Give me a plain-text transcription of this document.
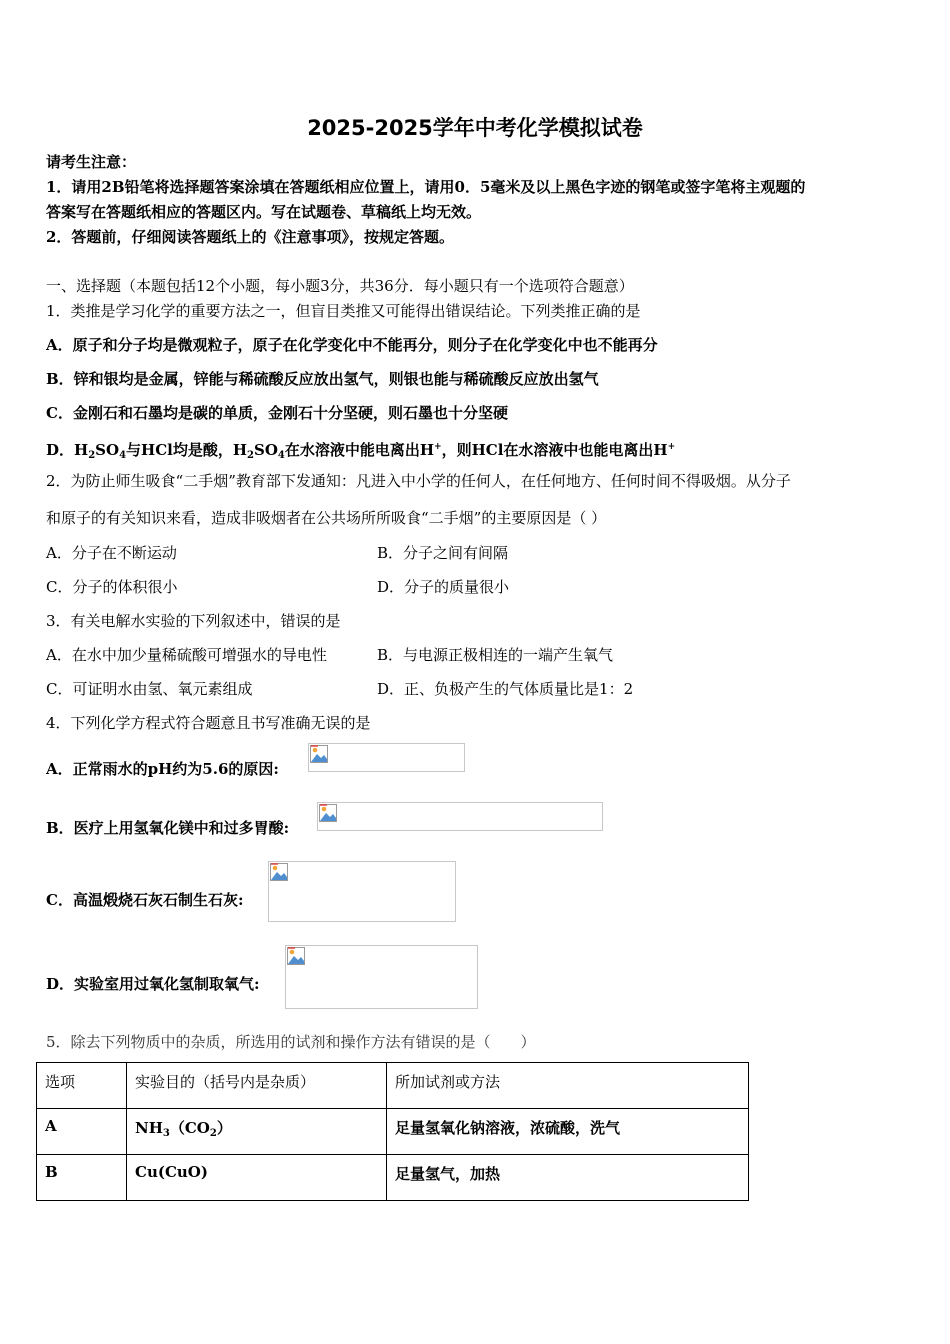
2025-2025学年中考化学模拟试卷
请考生注意：
1．请用2B铅笔将选择题答案涂填在答题纸相应位置上，请用0．5毫米及以上黑色字迹的钢笔或签字笔将主观题的
答案写在答题纸相应的答题区内。写在试题卷、草稿纸上均无效。
2．答题前，仔细阅读答题纸上的《注意事项》，按规定答题。
一、选择题（本题包括12个小题，每小题3分，共36分．每小题只有一个选项符合题意）
1．类推是学习化学的重要方法之一，但盲目类推又可能得出错误结论。下列类推正确的是
A．原子和分子均是微观粒子，原子在化学变化中不能再分，则分子在化学变化中也不能再分
B．锌和银均是金属，锌能与稀硫酸反应放出氢气，则银也能与稀硫酸反应放出氢气
C．金刚石和石墨均是碳的单质，金刚石十分坚硬，则石墨也十分坚硬
D．$H_2SO_4$与HCl均是酸，$H_2SO_4$在水溶液中能电离出H+，则HCl在水溶液中也能电离出H+
2．为防止师生吸食“二手烟”教育部下发通知：凡进入中小学的任何人，在任何地方、任何时间不得吸烟。从分子
和原子的有关知识来看，造成非吸烟者在公共场所所吸食“二手烟”的主要原因是（ ）
A．分子在不断运动	B．分子之间有间隔
C．分子的体积很小	D．分子的质量很小
3．有关电解水实验的下列叙述中，错误的是
A．在水中加少量稀硫酸可增强水的导电性	B．与电源正极相连的一端产生氧气
C．可证明水由氢、氧元素组成	D．正、负极产生的气体质量比是1：2
4．下列化学方程式符合题意且书写准确无误的是
A．正常雨水的pH约为5.6的原因:
B．医疗上用氢氧化镁中和过多胃酸:
C．高温煅烧石灰石制生石灰:
D．实验室用过氧化氢制取氧气:
5．除去下列物质中的杂质，所选用的试剂和操作方法有错误的是（　　）
选项	实验目的（括号内是杂质）	所加试剂或方法
A	$NH_3(CO_2)$	足量氢氧化钠溶液，浓硫酸，洗气
B	Cu(CuO)	足量氢气，加热
